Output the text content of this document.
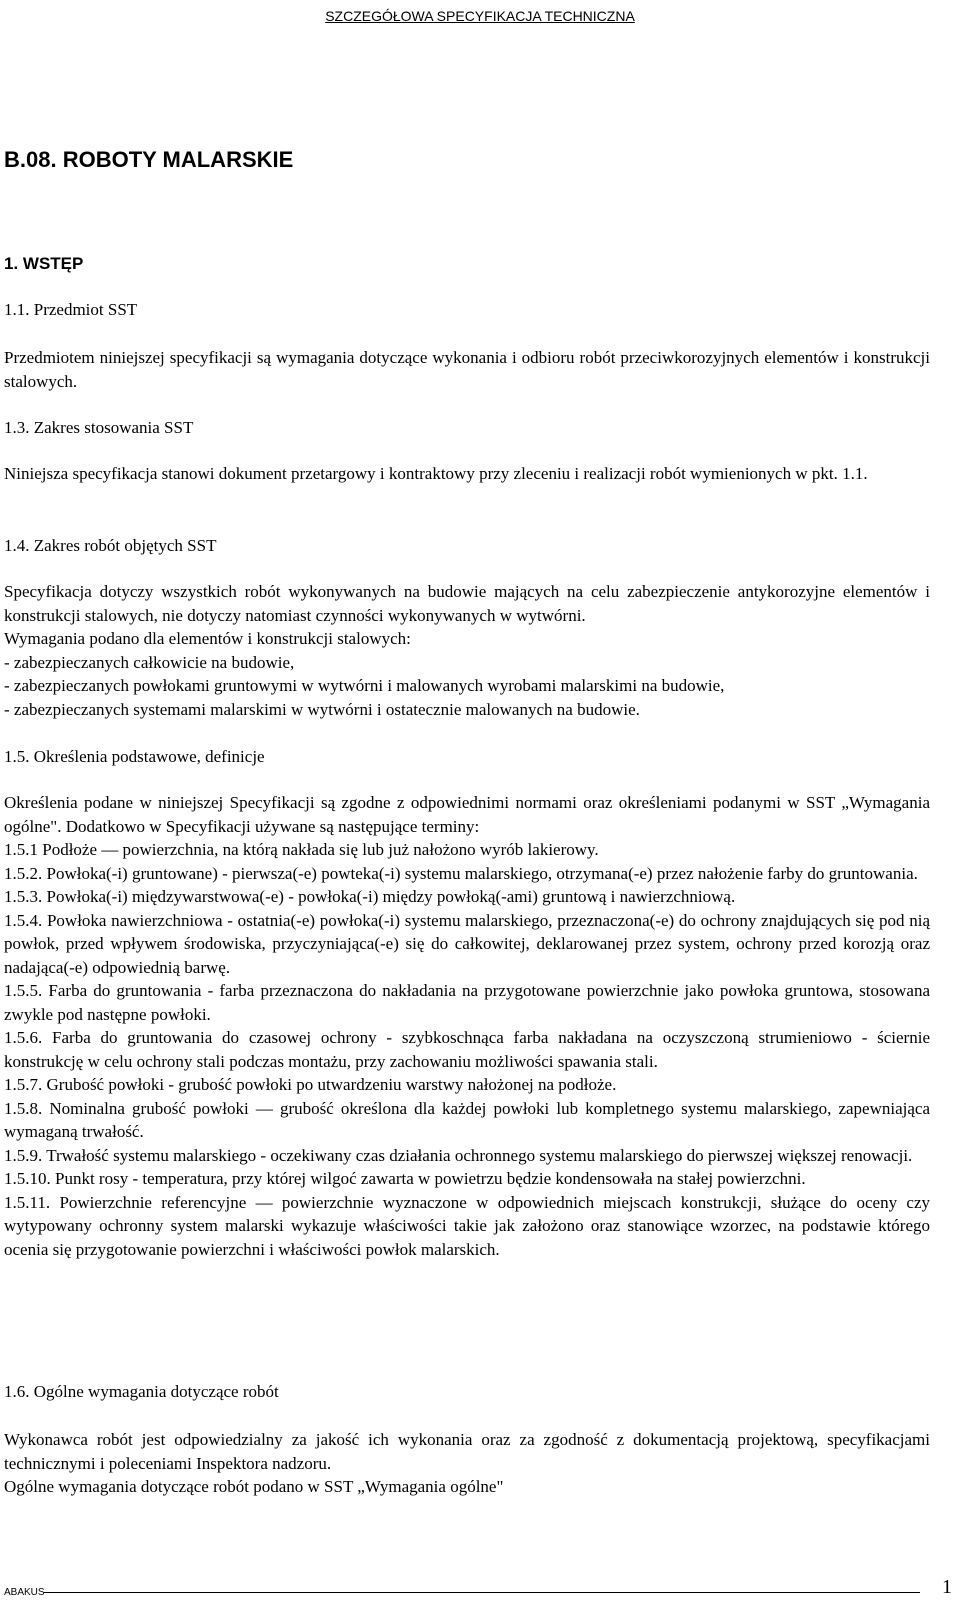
SZCZEGÓŁOWA SPECYFIKACJA TECHNICZNA
B.08. ROBOTY MALARSKIE
1. WSTĘP
1.1. Przedmiot SST
Przedmiotem niniejszej specyfikacji są wymagania dotyczące wykonania i odbioru robót przeciwkorozyjnych elementów i konstrukcji stalowych.
1.3. Zakres stosowania SST
Niniejsza specyfikacja stanowi dokument przetargowy i kontraktowy przy zleceniu i realizacji robót wymienionych w pkt. 1.1.
1.4. Zakres robót objętych SST
Specyfikacja dotyczy wszystkich robót wykonywanych na budowie mających na celu zabezpieczenie antykorozyjne elementów i konstrukcji stalowych, nie dotyczy natomiast czynności wykonywanych w wytwórni.
Wymagania podano dla elementów i konstrukcji stalowych:
- zabezpieczanych całkowicie na budowie,
- zabezpieczanych powłokami gruntowymi w wytwórni i malowanych wyrobami malarskimi na budowie,
- zabezpieczanych systemami malarskimi w wytwórni i ostatecznie malowanych na budowie.
1.5. Określenia podstawowe, definicje
Określenia podane w niniejszej Specyfikacji są zgodne z odpowiednimi normami oraz określeniami podanymi w SST „Wymagania ogólne". Dodatkowo w Specyfikacji używane są następujące terminy:
1.5.1 Podłoże — powierzchnia, na którą nakłada się lub już nałożono wyrób lakierowy.
1.5.2. Powłoka(-i) gruntowane) - pierwsza(-e) powteka(-i) systemu malarskiego, otrzymana(-e) przez nałożenie farby do gruntowania.
1.5.3. Powłoka(-i) międzywarstwowa(-e) - powłoka(-i) między powłoką(-ami) gruntową i nawierzchniową.
1.5.4. Powłoka nawierzchniowa - ostatnia(-e) powłoka(-i) systemu malarskiego, przeznaczona(-e) do ochrony znajdujących się pod nią powłok, przed wpływem środowiska, przyczyniająca(-e) się do całkowitej, deklarowanej przez system, ochrony przed korozją oraz nadająca(-e) odpowiednią barwę.
1.5.5. Farba do gruntowania - farba przeznaczona do nakładania na przygotowane powierzchnie jako powłoka gruntowa, stosowana zwykle pod następne powłoki.
1.5.6. Farba do gruntowania do czasowej ochrony - szybkoschnąca farba nakładana na oczyszczoną strumieniowo - ściernie konstrukcję w celu ochrony stali podczas montażu, przy zachowaniu możliwości spawania stali.
1.5.7. Grubość powłoki - grubość powłoki po utwardzeniu warstwy nałożonej na podłoże.
1.5.8. Nominalna grubość powłoki — grubość określona dla każdej powłoki lub kompletnego systemu malarskiego, zapewniająca wymaganą trwałość.
1.5.9. Trwałość systemu malarskiego - oczekiwany czas działania ochronnego systemu malarskiego do pierwszej większej renowacji.
1.5.10. Punkt rosy - temperatura, przy której wilgoć zawarta w powietrzu będzie kondensowała na stałej powierzchni.
1.5.11. Powierzchnie referencyjne — powierzchnie wyznaczone w odpowiednich miejscach konstrukcji, służące do oceny czy wytypowany ochronny system malarski wykazuje właściwości takie jak założono oraz stanowiące wzorzec, na podstawie którego ocenia się przygotowanie powierzchni i właściwości powłok malarskich.
1.6. Ogólne wymagania dotyczące robót
Wykonawca robót jest odpowiedzialny za jakość ich wykonania oraz za zgodność z dokumentacją projektową, specyfikacjami technicznymi i poleceniami Inspektora nadzoru.
Ogólne wymagania dotyczące robót podano w SST „Wymagania ogólne"
ABAKUS	1
